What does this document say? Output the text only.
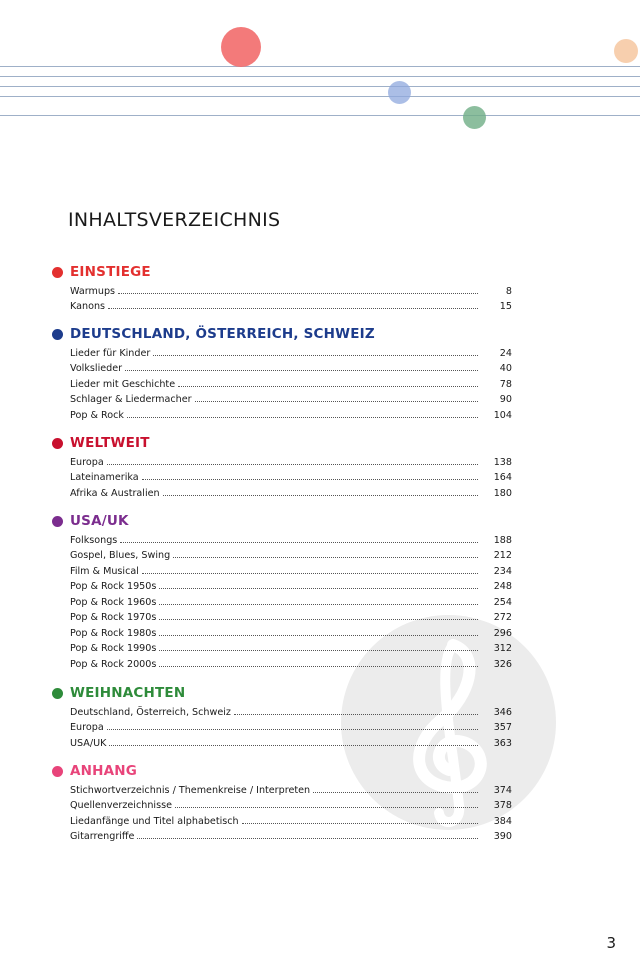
INHALTSVERZEICHNIS
EINSTIEGE
Warmups	8
Kanons	15
DEUTSCHLAND, ÖSTERREICH, SCHWEIZ
Lieder für Kinder	24
Volkslieder	40
Lieder mit Geschichte	78
Schlager & Liedermacher	90
Pop & Rock	104
WELTWEIT
Europa	138
Lateinamerika	164
Afrika & Australien	180
USA/UK
Folksongs	188
Gospel, Blues, Swing	212
Film & Musical	234
Pop & Rock 1950s	248
Pop & Rock 1960s	254
Pop & Rock 1970s	272
Pop & Rock 1980s	296
Pop & Rock 1990s	312
Pop & Rock 2000s	326
WEIHNACHTEN
Deutschland, Österreich, Schweiz	346
Europa	357
USA/UK	363
ANHANG
Stichwortverzeichnis / Themenkreise / Interpreten	374
Quellenverzeichnisse	378
Liedanfänge und Titel alphabetisch	384
Gitarrengriffe	390
3
